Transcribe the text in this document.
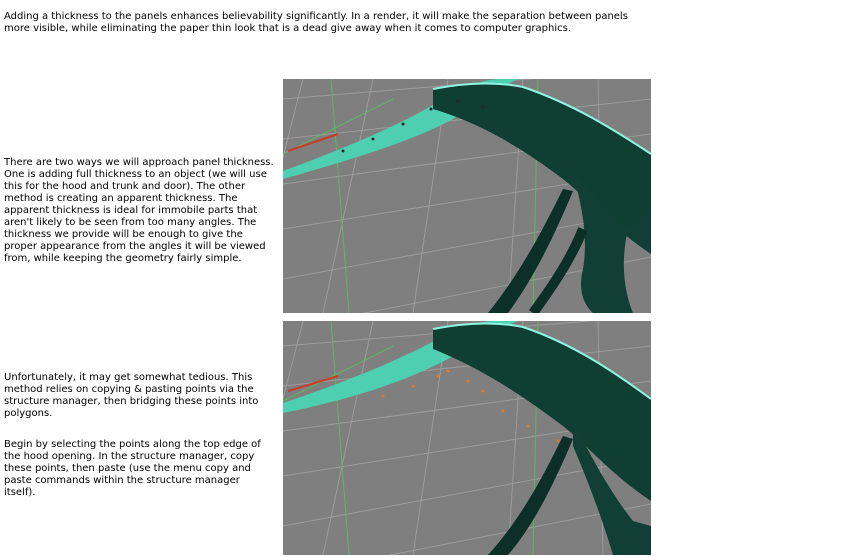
Adding a thickness to the panels enhances believability significantly. In a render, it will make the separation between panels more visible, while eliminating the paper thin look that is a dead give away when it comes to computer graphics.

There are two ways we will approach panel thickness. One is adding full thickness to an object (we will use this for the hood and trunk and door). The other method is creating an apparent thickness. The apparent thickness is ideal for immobile parts that aren't likely to be seen from too many angles. The thickness we provide will be enough to give the proper appearance from the angles it will be viewed from, while keeping the geometry fairly simple.

Unfortunately, it may get somewhat tedious. This method relies on copying & pasting points via the structure manager, then bridging these points into polygons.

Begin by selecting the points along the top edge of the hood opening. In the structure manager, copy these points, then paste (use the menu copy and paste commands within the structure manager itself).
